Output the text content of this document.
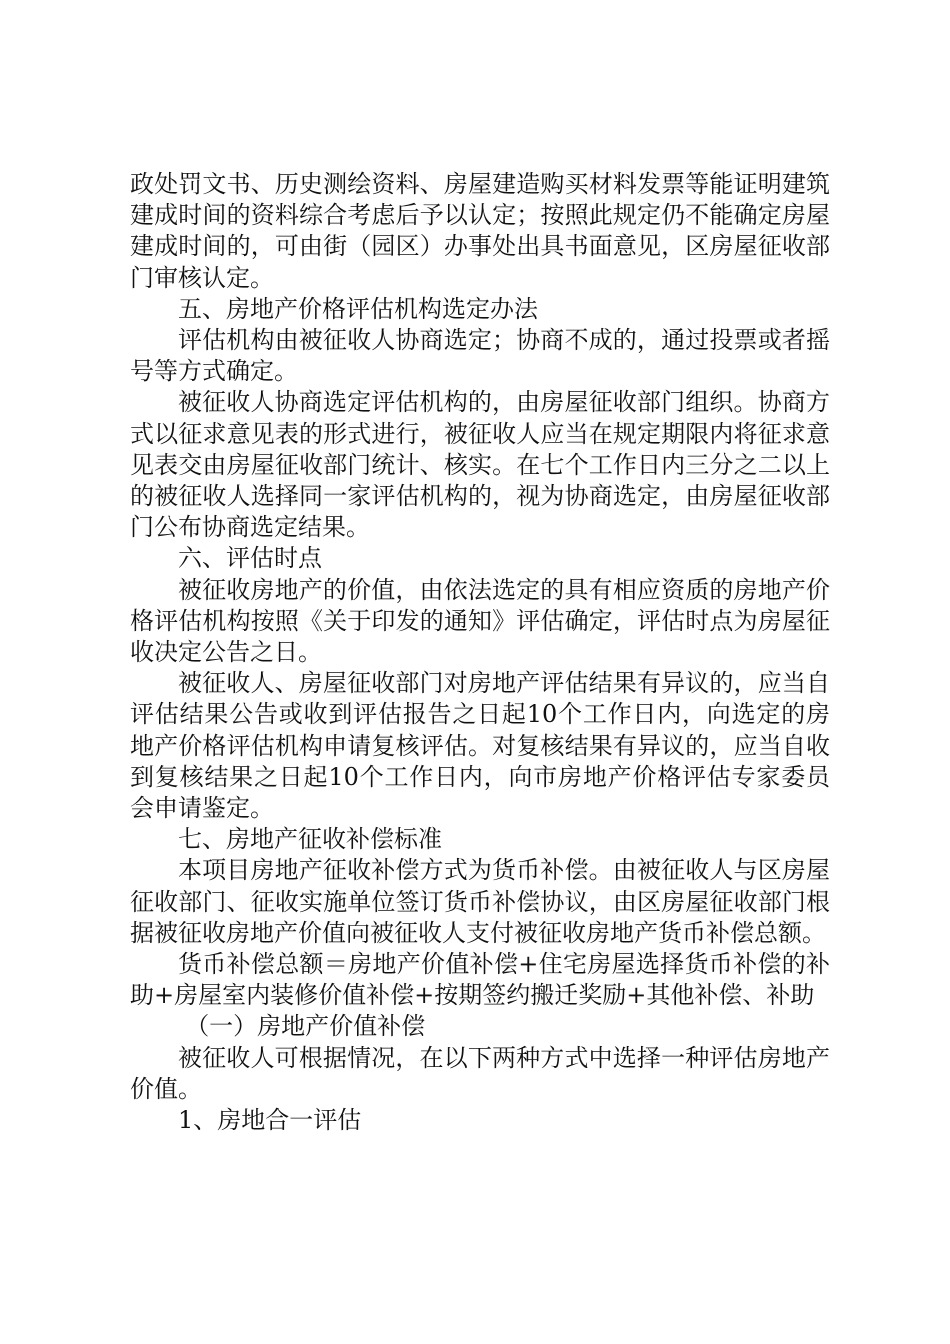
政处罚文书、历史测绘资料、房屋建造购买材料发票等能证明建筑建成时间的资料综合考虑后予以认定；按照此规定仍不能确定房屋建成时间的，可由街（园区）办事处出具书面意见，区房屋征收部门审核认定。

五、房地产价格评估机构选定办法

评估机构由被征收人协商选定；协商不成的，通过投票或者摇号等方式确定。

被征收人协商选定评估机构的，由房屋征收部门组织。协商方式以征求意见表的形式进行，被征收人应当在规定期限内将征求意见表交由房屋征收部门统计、核实。在七个工作日内三分之二以上的被征收人选择同一家评估机构的，视为协商选定，由房屋征收部门公布协商选定结果。

六、评估时点

被征收房地产的价值，由依法选定的具有相应资质的房地产价格评估机构按照《关于印发的通知》评估确定，评估时点为房屋征收决定公告之日。

被征收人、房屋征收部门对房地产评估结果有异议的，应当自评估结果公告或收到评估报告之日起10个工作日内，向选定的房地产价格评估机构申请复核评估。对复核结果有异议的，应当自收到复核结果之日起10个工作日内，向市房地产价格评估专家委员会申请鉴定。

七、房地产征收补偿标准

本项目房地产征收补偿方式为货币补偿。由被征收人与区房屋征收部门、征收实施单位签订货币补偿协议，由区房屋征收部门根据被征收房地产价值向被征收人支付被征收房地产货币补偿总额。

货币补偿总额＝房地产价值补偿+住宅房屋选择货币补偿的补助+房屋室内装修价值补偿+按期签约搬迁奖励+其他补偿、补助

（一）房地产价值补偿

被征收人可根据情况，在以下两种方式中选择一种评估房地产价值。

1、房地合一评估
